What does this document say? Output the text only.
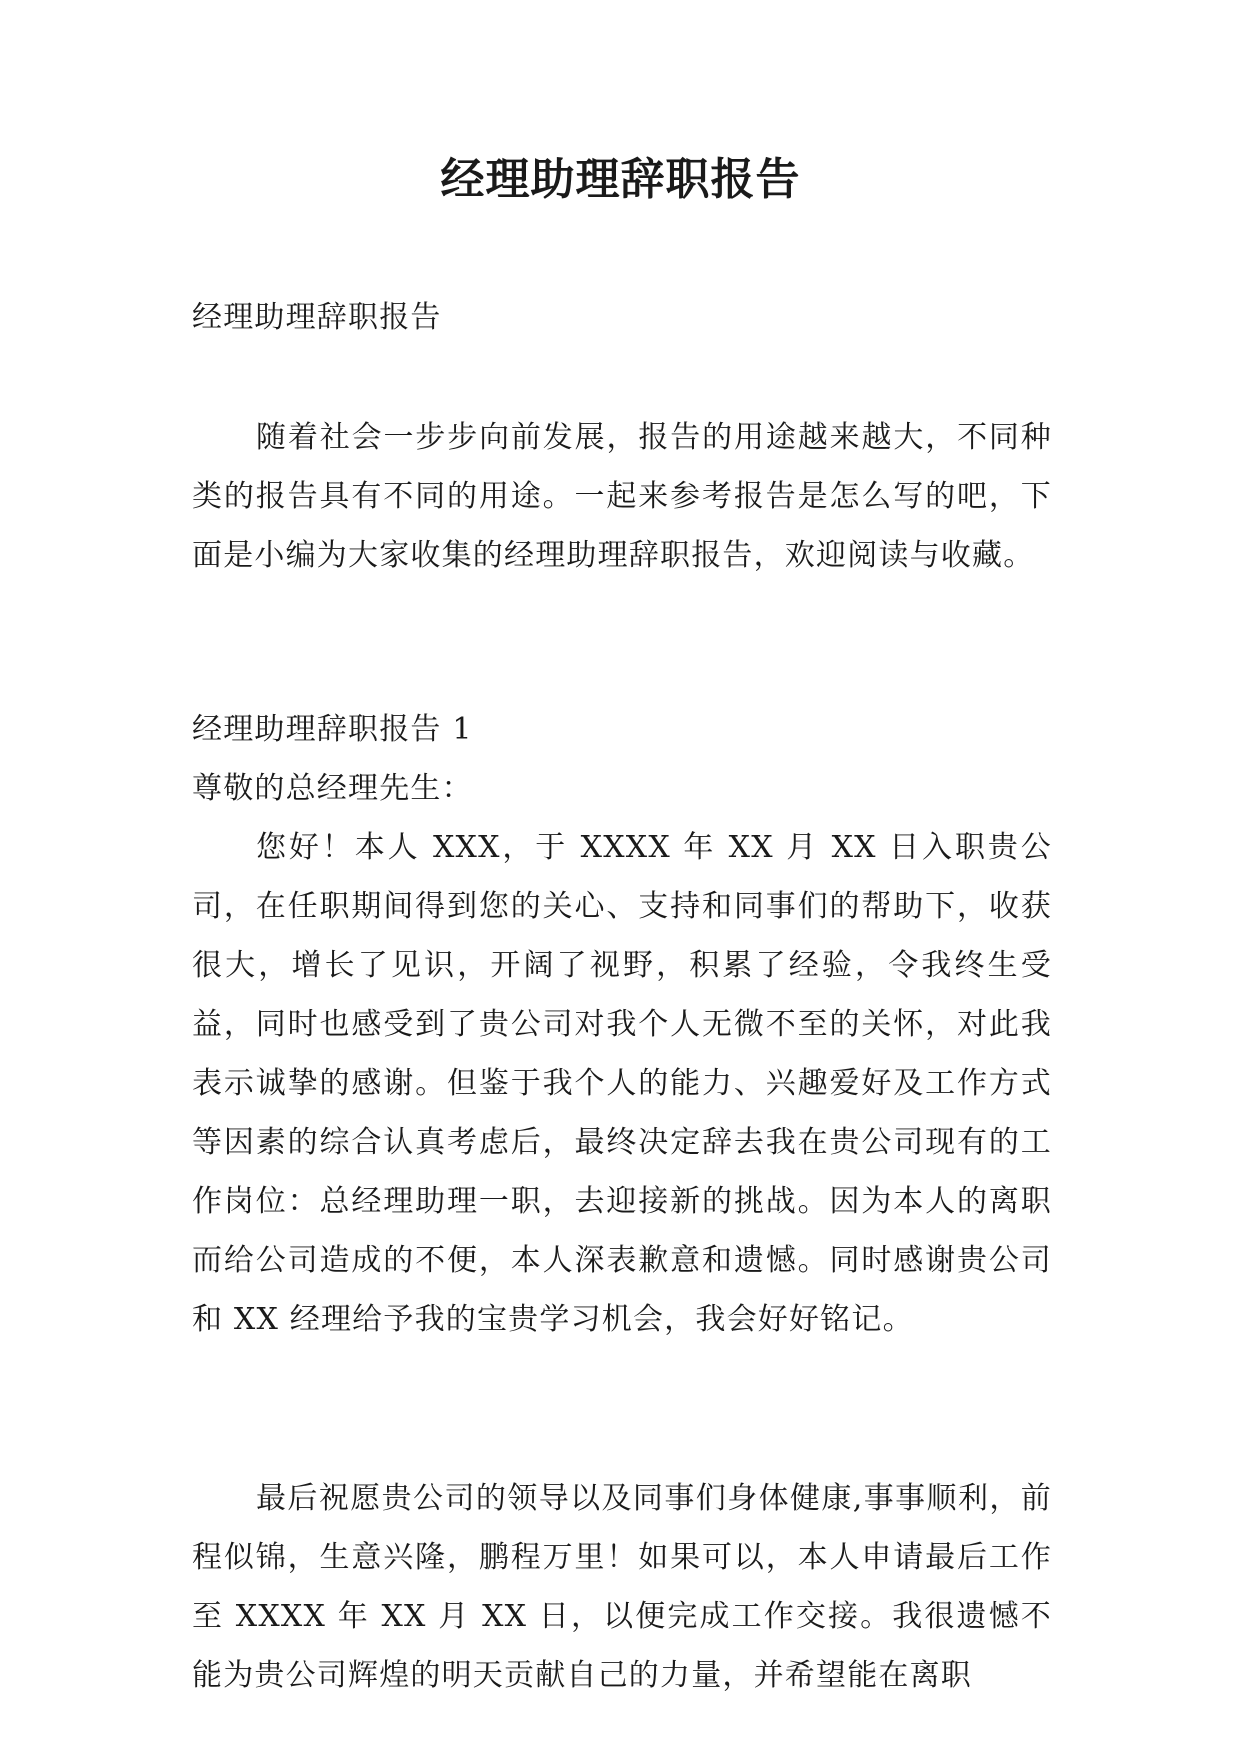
经理助理辞职报告

经理助理辞职报告

随着社会一步步向前发展，报告的用途越来越大，不同种类的报告具有不同的用途。一起来参考报告是怎么写的吧，下面是小编为大家收集的经理助理辞职报告，欢迎阅读与收藏。

经理助理辞职报告 1

尊敬的总经理先生：

您好！本人 XXX，于 XXXX 年 XX 月 XX 日入职贵公司，在任职期间得到您的关心、支持和同事们的帮助下，收获很大，增长了见识，开阔了视野，积累了经验，令我终生受益，同时也感受到了贵公司对我个人无微不至的关怀，对此我表示诚挚的感谢。但鉴于我个人的能力、兴趣爱好及工作方式等因素的综合认真考虑后，最终决定辞去我在贵公司现有的工作岗位：总经理助理一职，去迎接新的挑战。因为本人的离职而给公司造成的不便，本人深表歉意和遗憾。同时感谢贵公司和 XX 经理给予我的宝贵学习机会，我会好好铭记。

最后祝愿贵公司的领导以及同事们身体健康,事事顺利，前程似锦，生意兴隆，鹏程万里！如果可以，本人申请最后工作至 XXXX 年 XX 月 XX 日，以便完成工作交接。我很遗憾不能为贵公司辉煌的明天贡献自己的力量，并希望能在离职
